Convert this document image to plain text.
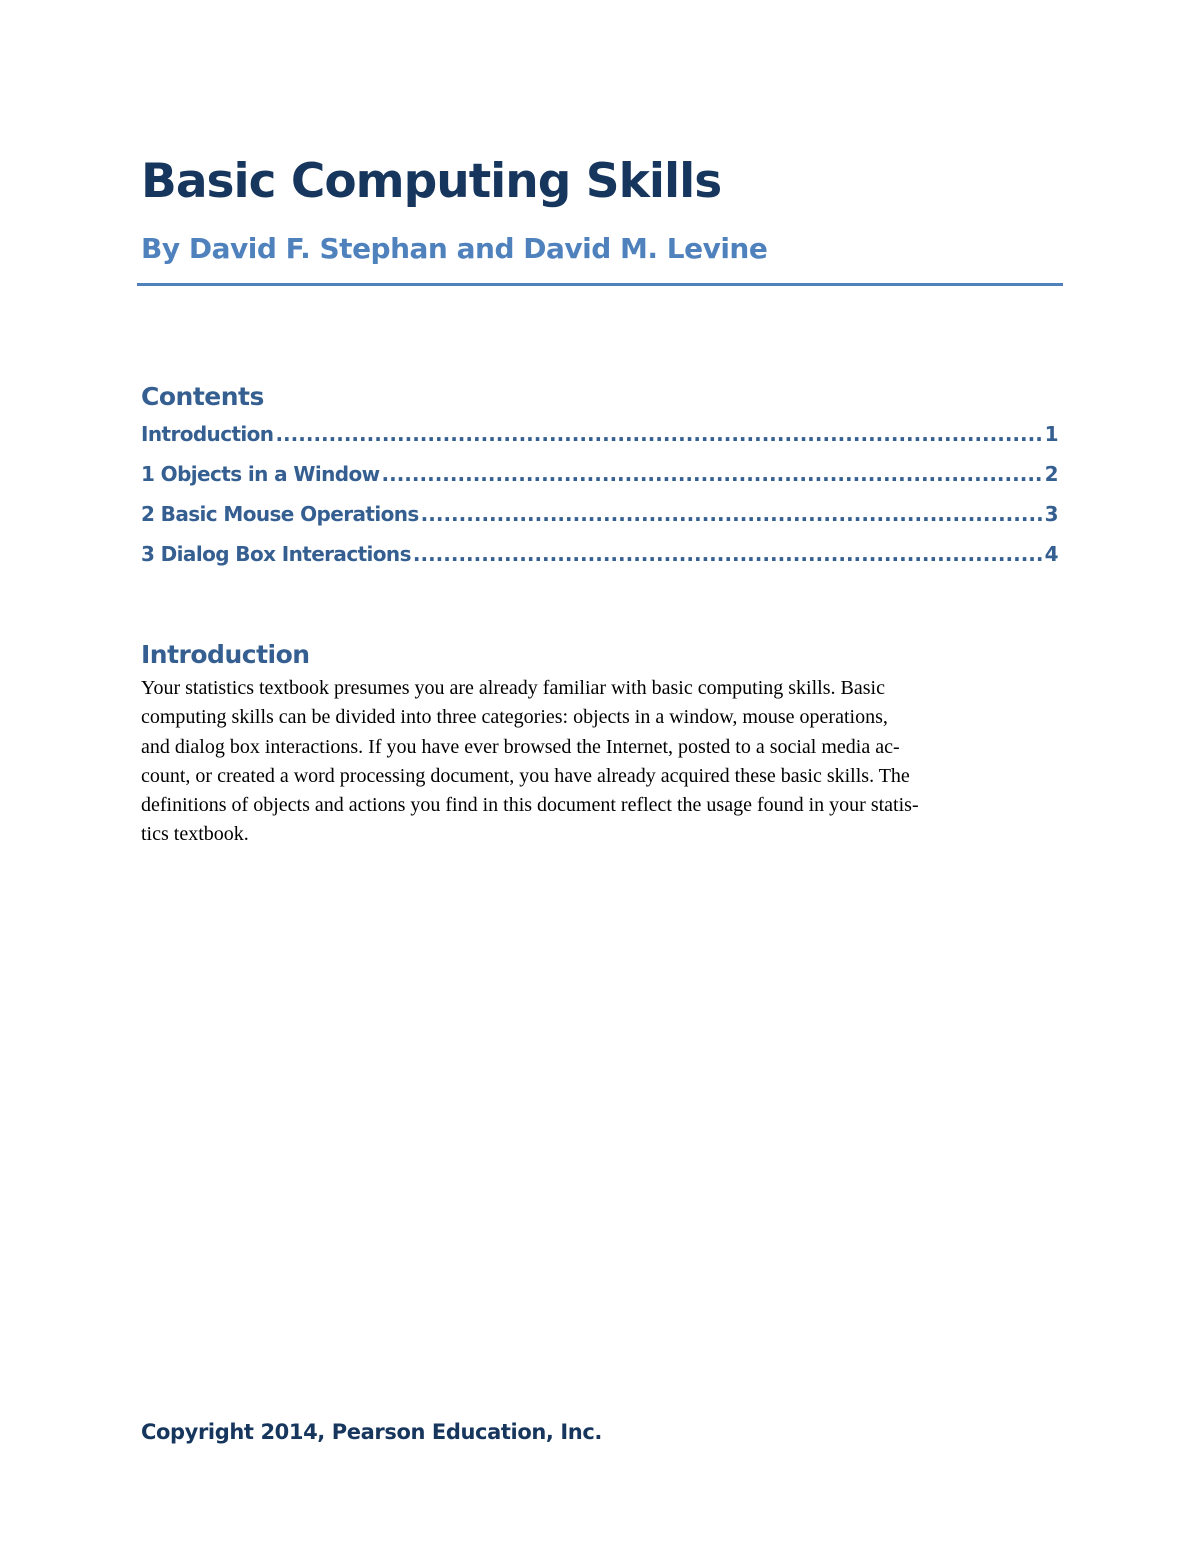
Basic Computing Skills
By David F. Stephan and David M. Levine
Contents
Introduction .....	1
1 Objects in a Window .....	2
2 Basic Mouse Operations .....	3
3 Dialog Box Interactions .....	4
Introduction

Your statistics textbook presumes you are already familiar with basic computing skills. Basic
computing skills can be divided into three categories: objects in a window, mouse operations,
and dialog box interactions. If you have ever browsed the Internet, posted to a social media ac-
count, or created a word processing document, you have already acquired these basic skills. The
definitions of objects and actions you find in this document reflect the usage found in your statis-
tics textbook.

Copyright 2014, Pearson Education, Inc.
